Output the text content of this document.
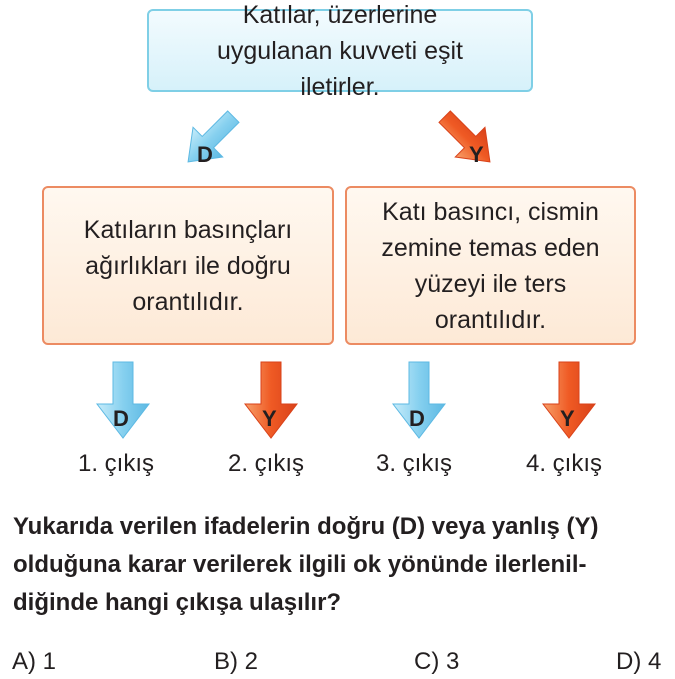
Katılar, üzerlerine uygulanan kuvveti eşit iletirler.
D	Y
Katıların basınçları ağırlıkları ile doğru orantılıdır.
Katı basıncı, cismin zemine temas eden yüzeyi ile ters orantılıdır.
D	Y	D	Y
1. çıkış	2. çıkış	3. çıkış	4. çıkış
Yukarıda verilen ifadelerin doğru (D) veya yanlış (Y) olduğuna karar verilerek ilgili ok yönünde ilerlenil-diğinde hangi çıkışa ulaşılır?
A) 1	B) 2	C) 3	D) 4
